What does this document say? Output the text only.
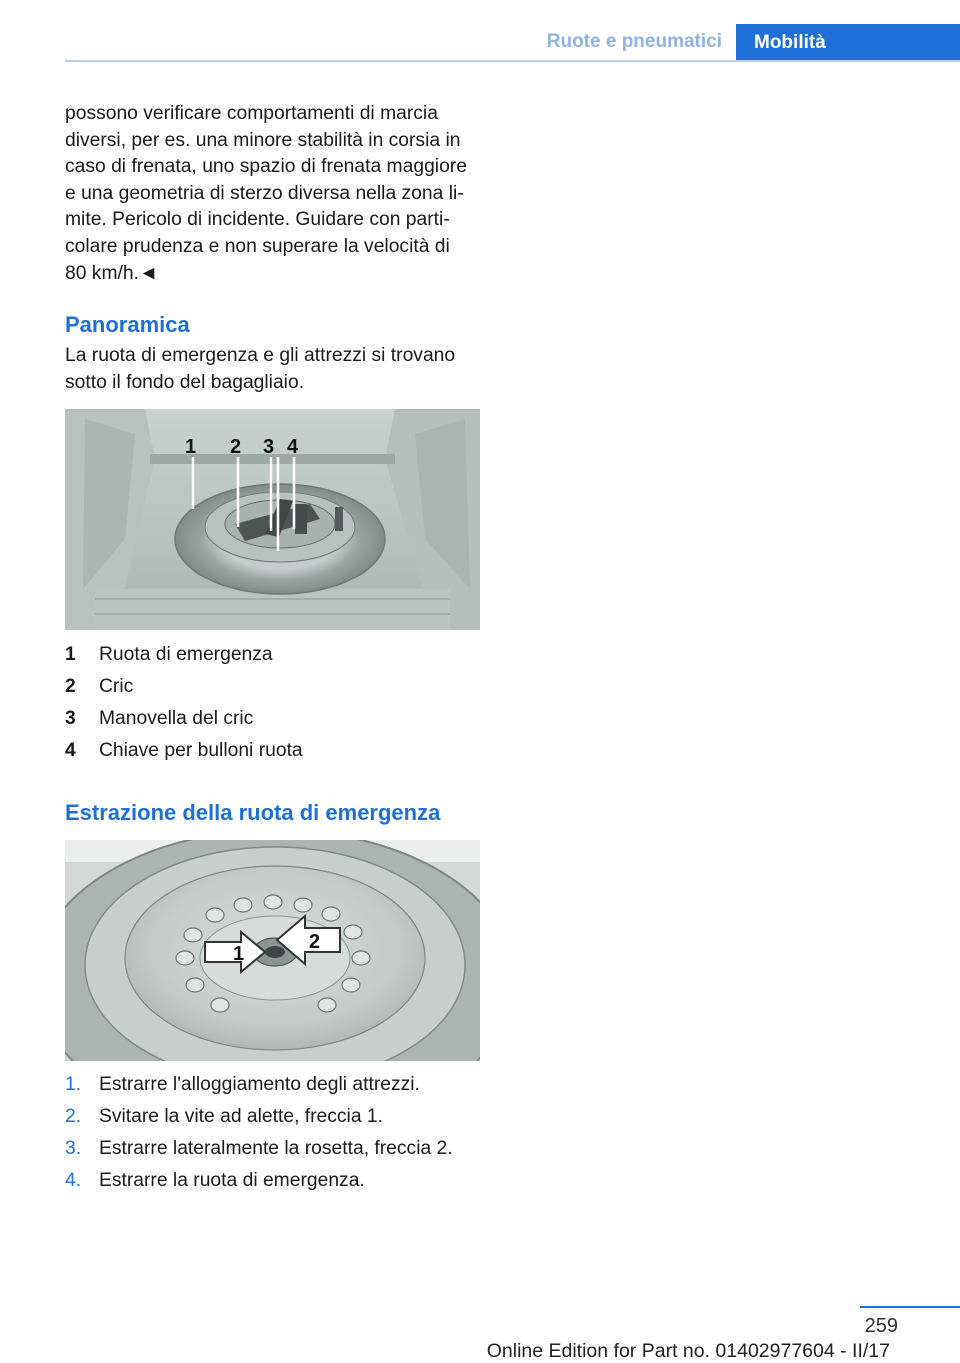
Ruote e pneumatici	Mobilità

possono verificare comportamenti di marcia

diversi, per es. una minore stabilità in corsia in

caso di frenata, uno spazio di frenata maggiore

e una geometria di sterzo diversa nella zona li‐

mite. Pericolo di incidente. Guidare con parti‐

colare prudenza e non superare la velocità di

80 km/h.◄

Panoramica

La ruota di emergenza e gli attrezzi si trovano

sotto il fondo del bagagliaio.

1 2 3 4
1	Ruota di emergenza
2	Cric
3	Manovella del cric
4	Chiave per bulloni ruota
Estrazione della ruota di emergenza
1
2
1. Estrarre l'alloggiamento degli attrezzi.
2. Svitare la vite ad alette, freccia 1.
3. Estrarre lateralmente la rosetta, freccia 2.
4. Estrarre la ruota di emergenza.
259
Online Edition for Part no. 01402977604 - II/17
